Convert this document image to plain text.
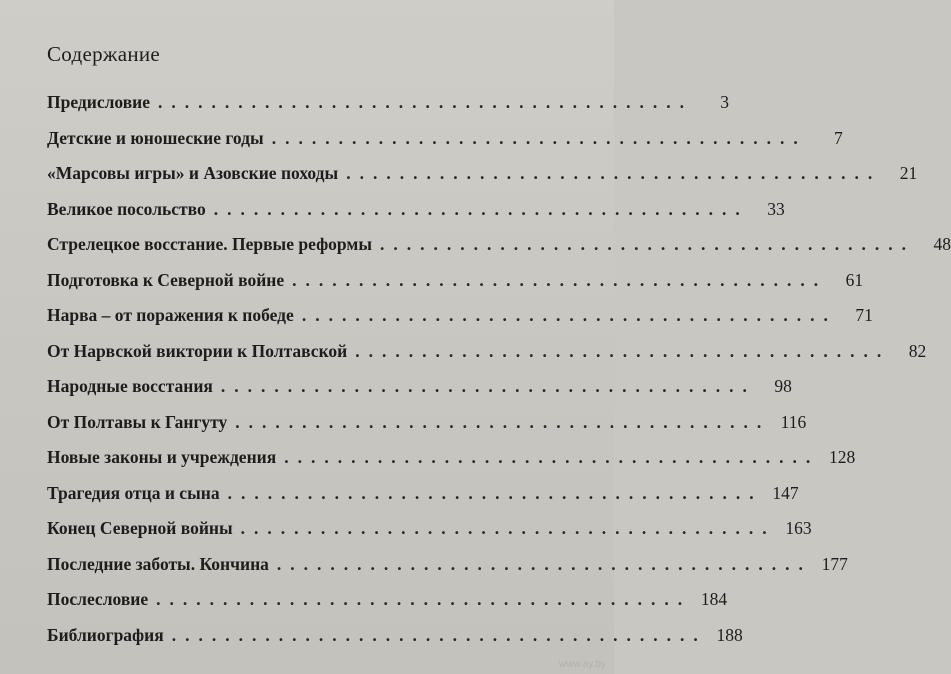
Содержание
Предисловие ........................................	3
Детские и юношеские годы ........................................	7
«Марсовы игры» и Азовские походы ........................................	21
Великое посольство ........................................	33
Стрелецкое восстание. Первые реформы ........................................	48
Подготовка к Северной войне ........................................	61
Нарва – от поражения к победе ........................................	71
От Нарвской виктории к Полтавской ........................................	82
Народные восстания ........................................	98
От Полтавы к Гангуту ........................................ 116
Новые законы и учреждения ........................................ 128
Трагедия отца и сына ........................................ 147
Конец Северной войны ........................................ 163
Последние заботы. Кончина ........................................ 177
Послесловие ........................................ 184
Библиография ........................................ 188
www.ay.by
